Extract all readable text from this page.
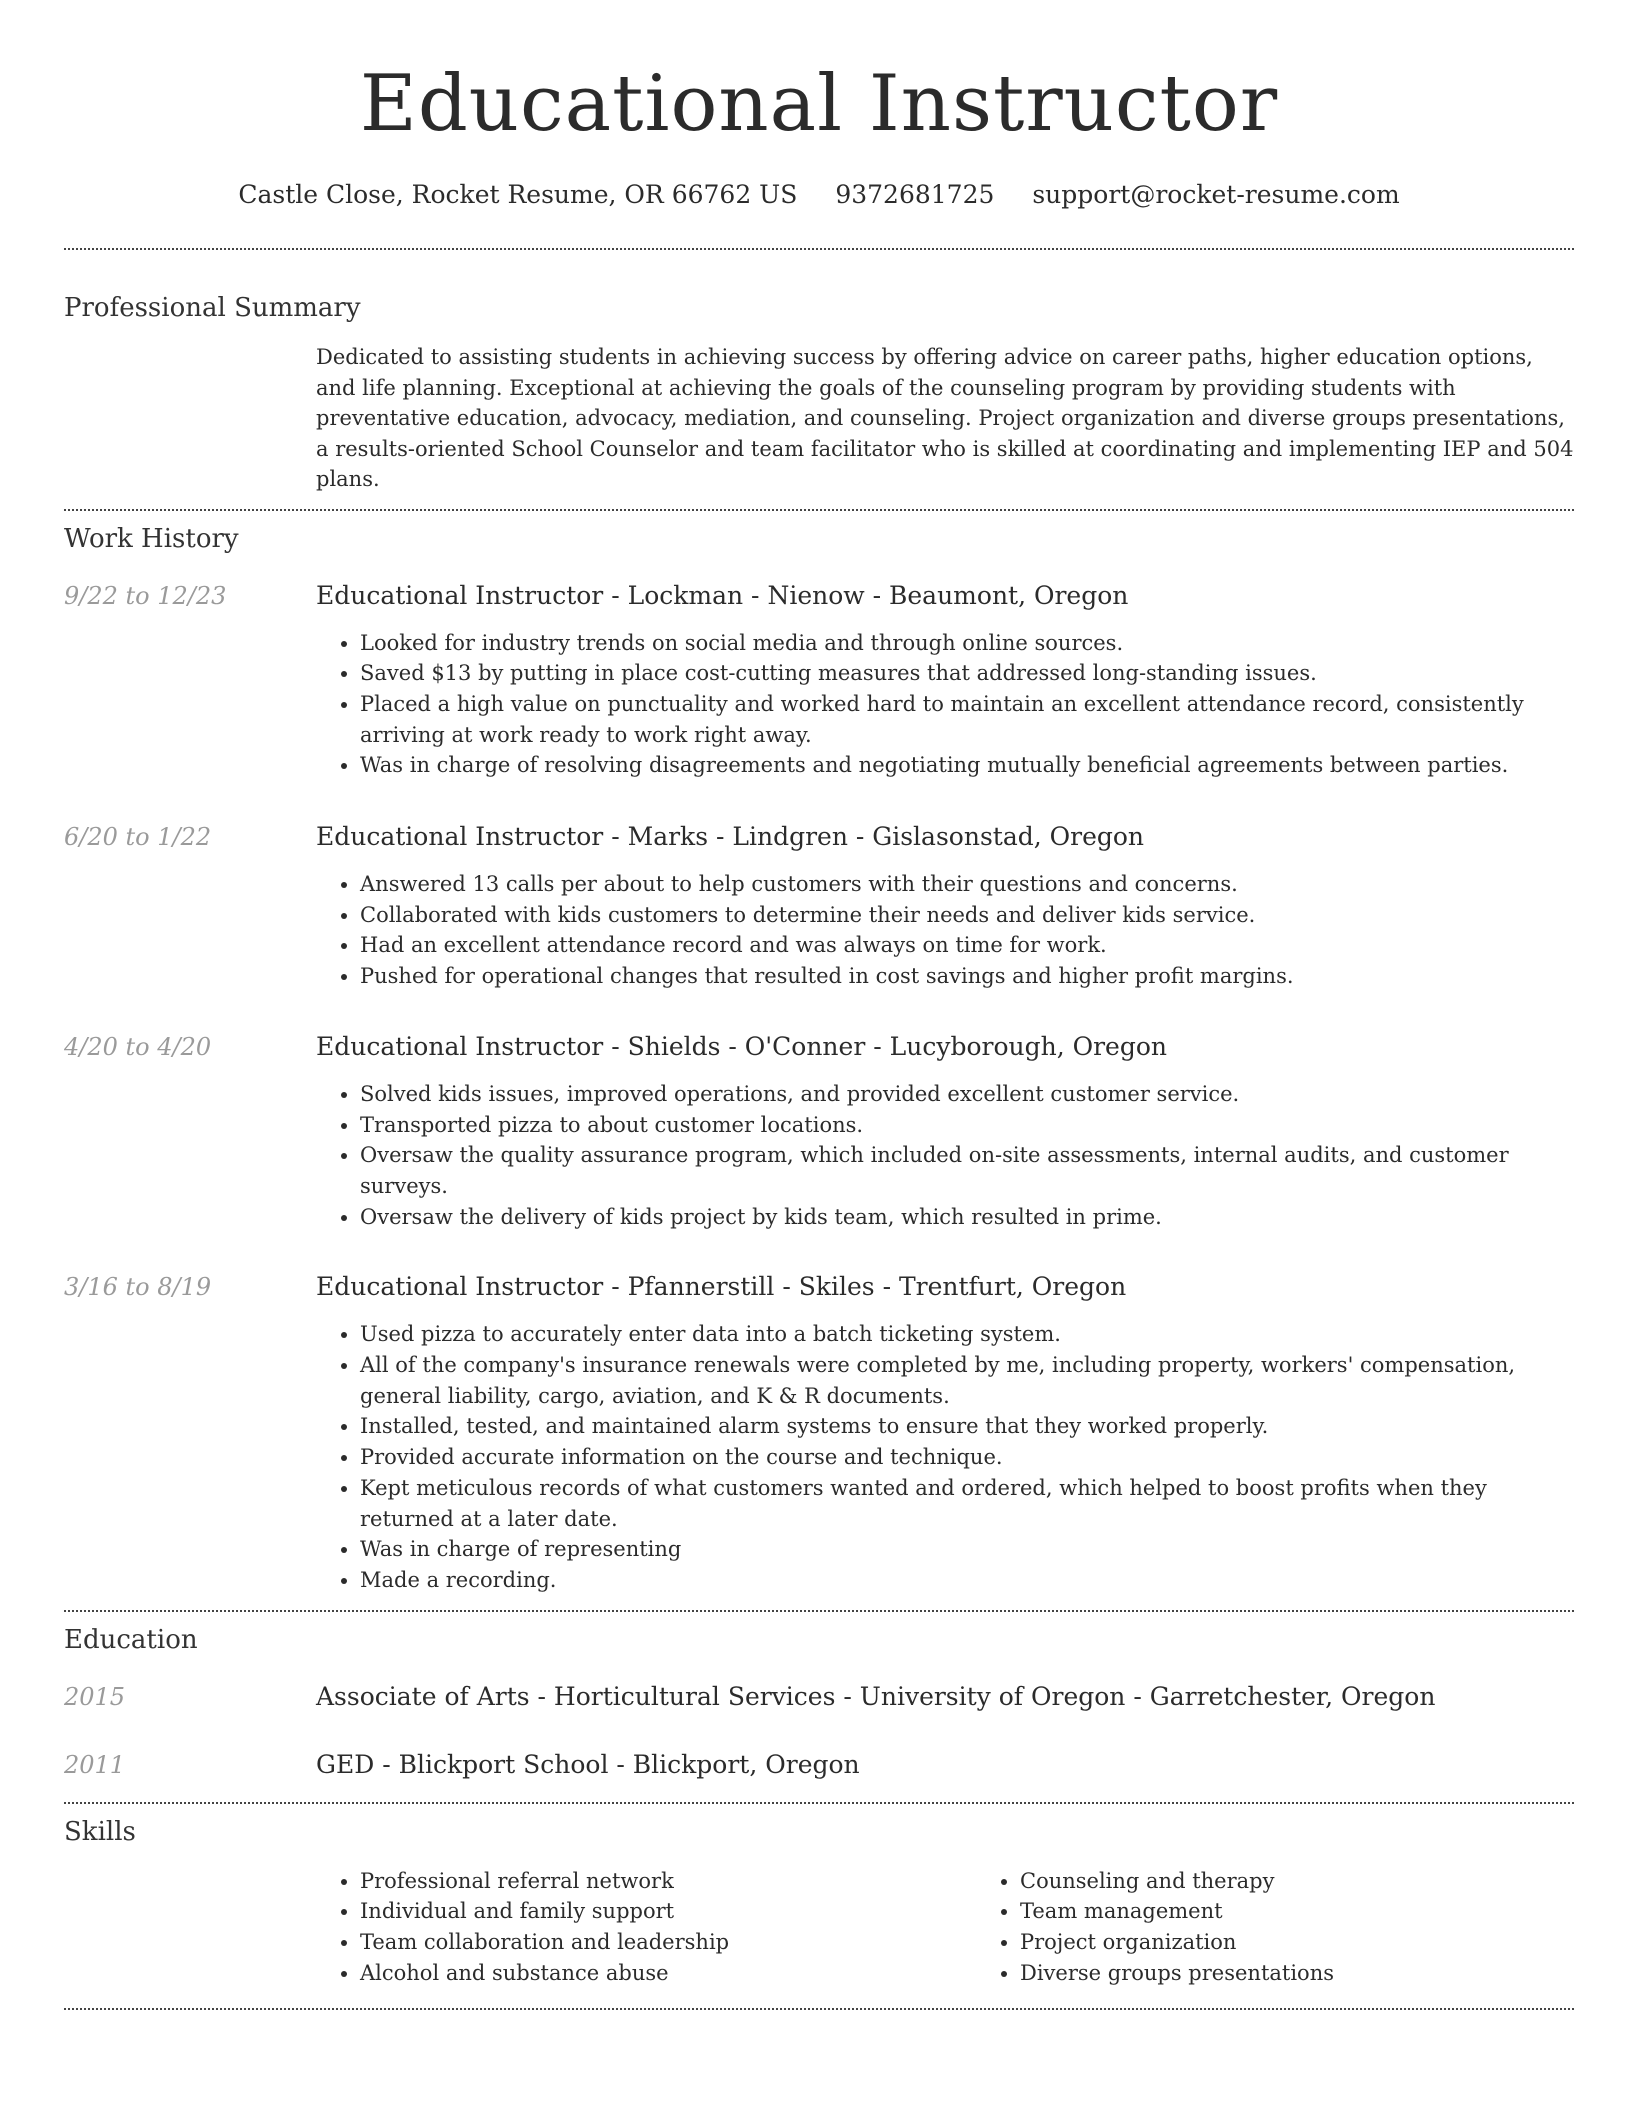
Educational Instructor
Castle Close, Rocket Resume, OR 66762 US 9372681725 support@rocket-resume.com
Professional Summary
Dedicated to assisting students in achieving success by offering advice on career paths, higher education options, and life planning. Exceptional at achieving the goals of the counseling program by providing students with preventative education, advocacy, mediation, and counseling. Project organization and diverse groups presentations, a results-oriented School Counselor and team facilitator who is skilled at coordinating and implementing IEP and 504 plans.
Work History
9/22 to 12/23	Educational Instructor - Lockman - Nienow - Beaumont, Oregon
• Looked for industry trends on social media and through online sources.
• Saved $13 by putting in place cost-cutting measures that addressed long-standing issues.
• Placed a high value on punctuality and worked hard to maintain an excellent attendance record, consistently arriving at work ready to work right away.
• Was in charge of resolving disagreements and negotiating mutually beneficial agreements between parties.
6/20 to 1/22	Educational Instructor - Marks - Lindgren - Gislasonstad, Oregon
• Answered 13 calls per about to help customers with their questions and concerns.
• Collaborated with kids customers to determine their needs and deliver kids service.
• Had an excellent attendance record and was always on time for work.
• Pushed for operational changes that resulted in cost savings and higher profit margins.
4/20 to 4/20	Educational Instructor - Shields - O'Conner - Lucyborough, Oregon
• Solved kids issues, improved operations, and provided excellent customer service.
• Transported pizza to about customer locations.
• Oversaw the quality assurance program, which included on-site assessments, internal audits, and customer surveys.
• Oversaw the delivery of kids project by kids team, which resulted in prime.
3/16 to 8/19	Educational Instructor - Pfannerstill - Skiles - Trentfurt, Oregon
• Used pizza to accurately enter data into a batch ticketing system.
• All of the company's insurance renewals were completed by me, including property, workers' compensation, general liability, cargo, aviation, and K & R documents.
• Installed, tested, and maintained alarm systems to ensure that they worked properly.
• Provided accurate information on the course and technique.
• Kept meticulous records of what customers wanted and ordered, which helped to boost profits when they returned at a later date.
• Was in charge of representing
• Made a recording.
Education
2015	Associate of Arts - Horticultural Services - University of Oregon - Garretchester, Oregon
2011	GED - Blickport School - Blickport, Oregon
Skills
• Professional referral network
• Individual and family support
• Team collaboration and leadership
• Alcohol and substance abuse
• Counseling and therapy
• Team management
• Project organization
• Diverse groups presentations
